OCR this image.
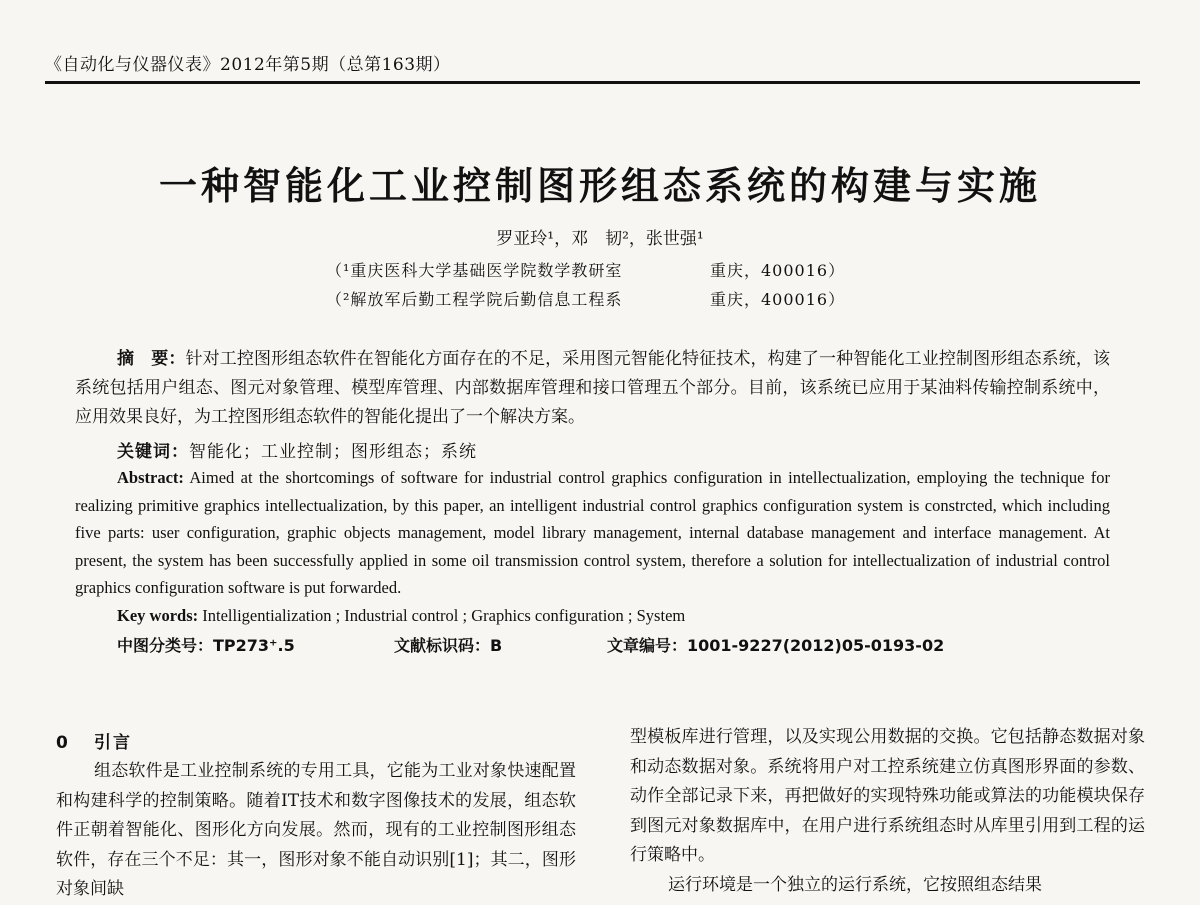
《自动化与仪器仪表》2012年第5期（总第163期）
一种智能化工业控制图形组态系统的构建与实施
罗亚玲¹，邓　韧²，张世强¹
（¹重庆医科大学基础医学院数学教研室	重庆，400016）
（²解放军后勤工程学院后勤信息工程系	重庆，400016）
摘　要：针对工控图形组态软件在智能化方面存在的不足，采用图元智能化特征技术，构建了一种智能化工业控制图形组态系统，该系统包括用户组态、图元对象管理、模型库管理、内部数据库管理和接口管理五个部分。目前，该系统已应用于某油料传输控制系统中，应用效果良好，为工控图形组态软件的智能化提出了一个解决方案。
关键词：智能化；工业控制；图形组态；系统
Abstract: Aimed at the shortcomings of software for industrial control graphics configuration in intellectualization, employing the technique for realizing primitive graphics intellectualization, by this paper, an intelligent industrial control graphics configuration system is constrcted, which including five parts: user configuration, graphic objects management, model library management, internal database management and interface management. At present, the system has been successfully applied in some oil transmission control system, therefore a solution for intellectualization of industrial control graphics configuration software is put forwarded.
Key words: Intelligentialization ; Industrial control ; Graphics configuration ; System
中图分类号：TP273⁺.5	文献标识码：B	文章编号：1001-9227(2012)05-0193-02
0 引言
组态软件是工业控制系统的专用工具，它能为工业对象快速配置和构建科学的控制策略。随着IT技术和数字图像技术的发展，组态软件正朝着智能化、图形化方向发展。然而，现有的工业控制图形组态软件，存在三个不足：其一，图形对象不能自动识别[1]；其二，图形对象间缺
型模板库进行管理，以及实现公用数据的交换。它包括静态数据对象和动态数据对象。系统将用户对工控系统建立仿真图形界面的参数、动作全部记录下来，再把做好的实现特殊功能或算法的功能模块保存到图元对象数据库中，在用户进行系统组态时从库里引用到工程的运行策略中。
运行环境是一个独立的运行系统，它按照组态结果
